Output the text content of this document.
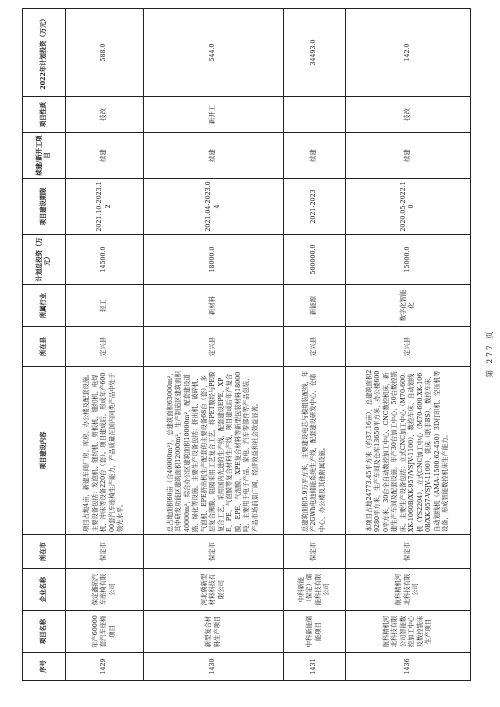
序号	项目名称	企业名称	所在市	项目建设内容	所在县	所属行业	计划总投资（万元）	项目建设期限	续建/新开工项目	项目性质	2022年计划投资（万元）
1429	年产60000套汽车座椅项目	保定鑫拓汽车座椅有限公司	保定市	项目占地4亩，新建车间厂房、库房、办公楼及配套设施。主要设备包括：发泡机、缝纫机、剪板机、缝纫机、电焊机、冲床等设备220台（套）。项目建成后，形成年产60000套汽车座椅生产能力，产品质量在国内同类产品中处于领先水平。	定兴县	轻工	14500.0	2021.10-2023.12	续建	技改	588.0
1430	新型复合材料生产项目	河北冀新型材料科技有限公司	保定市	总占地面积60亩（合40000m²），总建筑面积63000m²，其中研发功能区建筑面积12000m²，生产制造区建筑面积40000m²，综合办公区建筑面积10000m²，配套建设道路、绿化等设施。主要生产设备包括：挤出机、破碎机、气泡机、EPE挤出机生产配套的主要设备68台（套），多层复合薄膜、阻隔采用工艺复合工艺，将PET膜经与PE膜复合工艺，采用国内先进的生产线，配套建设EPE、XPE、PE、气泡膜等复合材料生产线，项目建成后年产复合膜、EPE、气泡膜、XPE复合材料等新型包装材料18000吨，主要用于电子产品、家电、汽车零部件等产品包装，产品市场前景广阔，经济效益和社会效益显著。	定兴县	新材料	18000.0	2021.04-2023.04	续建	新开工	544.0
1431	中科新能储能项目	中科新能（保定）储能科技有限公司	保定市	总建筑面积5.9万平方米，主要建设电芯与模组装配线，年产2GWh电池储能系统生产线，配套建设研发中心、仓储中心、办公楼及其他附属设施。	定兴县	新能源	500000.0	2021-2023	续建		34493.0
1436	航科精机河北科技有限公司智能数控加工中心及数控铣床生产项目	航科精机河北科技有限公司	保定市	本项目占地24773.45平方米（约37.16亩），总建筑面积29280平方米，生产车间及仓库13650平方米，办公楼6000平方米，30台全自动数控加工中心、CNC数控机床，新建生产车间及配套设施，年产30台加工中心、50台数控铣床。主要生产设备包括：立式CNC加工中心（M70-600.XK-1060B/XK-957/VSJV-1100）、数控车床、自动划线机（YS2204）、立式CNC加工中心（M70-600.XK-1060B/XK-957-VSJV-1100）、铣床（联丰BS）、数控车床、自动划线机（AMA-1500.62-450）3D打印机、空压机等设备，形成智能数控机床生产能力。	定兴县	数字化智能化	15000.0	2020.05-2022.10	续建	技改	142.0
第 277 页
